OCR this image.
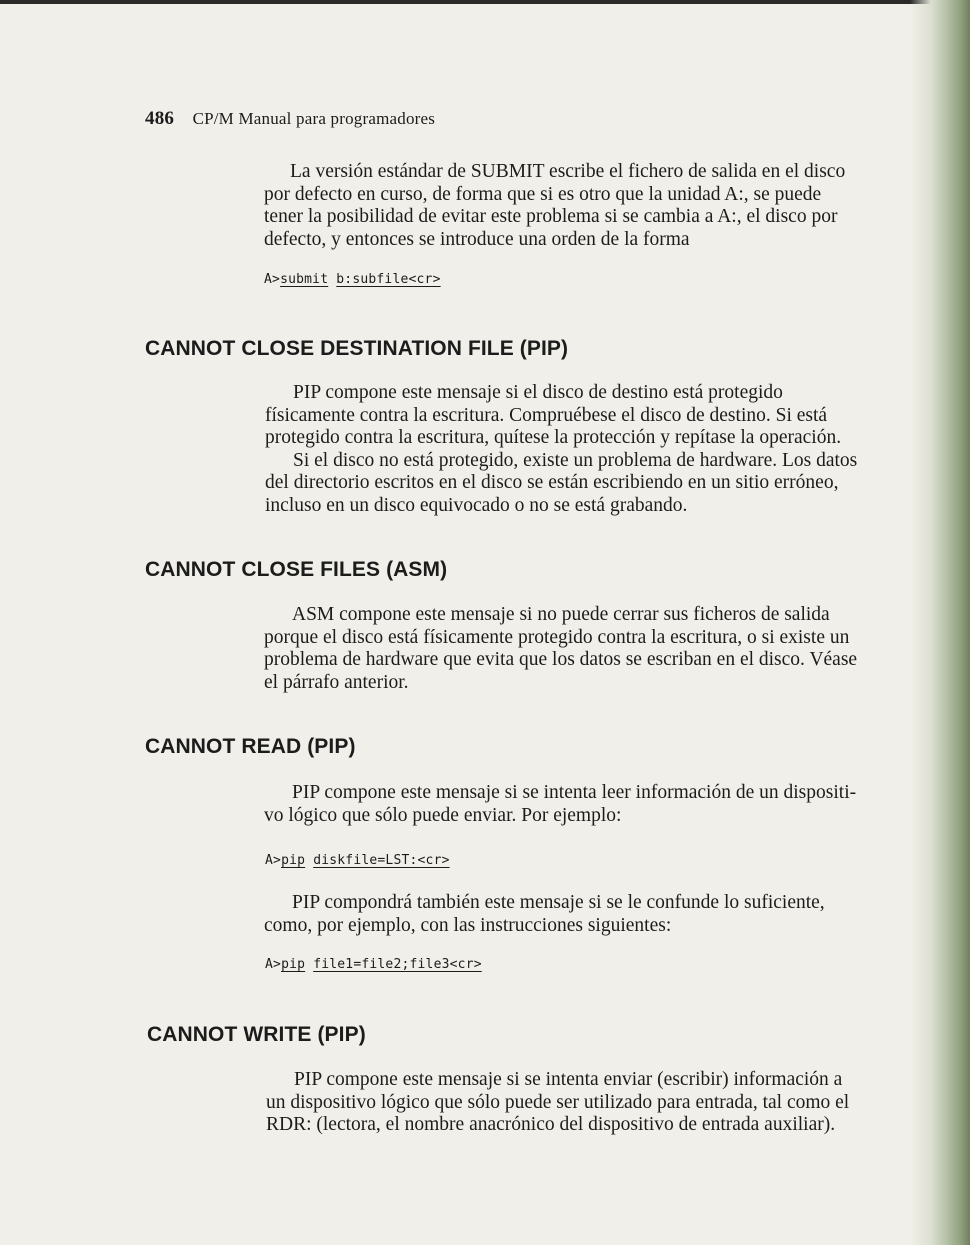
486 CP/M Manual para programadores

La versión estándar de SUBMIT escribe el fichero de salida en el disco
por defecto en curso, de forma que si es otro que la unidad A:, se puede
tener la posibilidad de evitar este problema si se cambia a A:, el disco por
defecto, y entonces se introduce una orden de la forma

A>submit b:subfile<cr>
CANNOT CLOSE DESTINATION FILE (PIP)

PIP compone este mensaje si el disco de destino está protegido
físicamente contra la escritura. Compruébese el disco de destino. Si está
protegido contra la escritura, quítese la protección y repítase la operación.
Si el disco no está protegido, existe un problema de hardware. Los datos
del directorio escritos en el disco se están escribiendo en un sitio erróneo,
incluso en un disco equivocado o no se está grabando.

CANNOT CLOSE FILES (ASM)

ASM compone este mensaje si no puede cerrar sus ficheros de salida
porque el disco está físicamente protegido contra la escritura, o si existe un
problema de hardware que evita que los datos se escriban en el disco. Véase
el párrafo anterior.

CANNOT READ (PIP)

PIP compone este mensaje si se intenta leer información de un dispositi-
vo lógico que sólo puede enviar. Por ejemplo:

A>pip diskfile=LST:<cr>

PIP compondrá también este mensaje si se le confunde lo suficiente,
como, por ejemplo, con las instrucciones siguientes:

A>pip file1=file2;file3<cr>
CANNOT WRITE (PIP)

PIP compone este mensaje si se intenta enviar (escribir) información a
un dispositivo lógico que sólo puede ser utilizado para entrada, tal como el
RDR: (lectora, el nombre anacrónico del dispositivo de entrada auxiliar).
